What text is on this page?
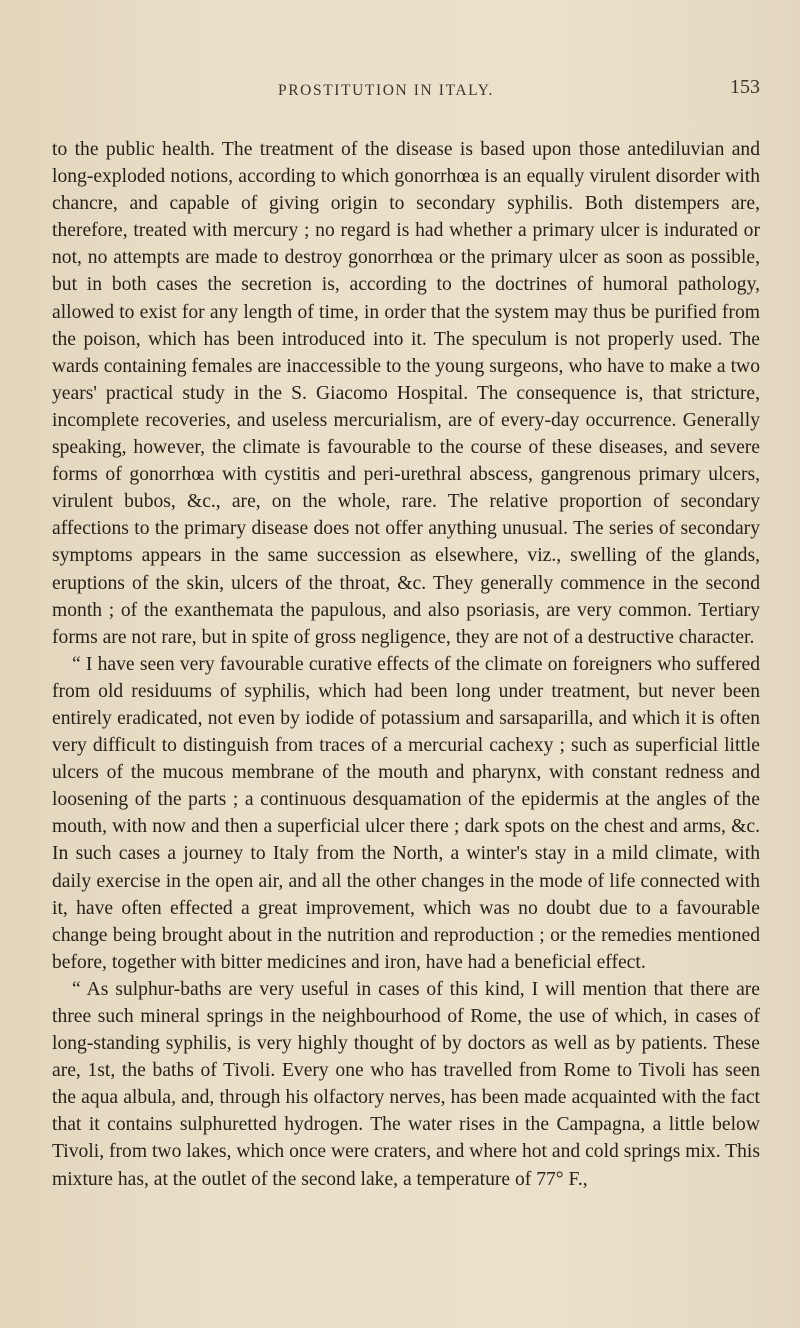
PROSTITUTION IN ITALY.	153

to the public health. The treatment of the disease is based upon those antediluvian and long-exploded notions, according to which gonorrhœa is an equally virulent disorder with chancre, and capable of giving origin to secondary syphilis. Both distempers are, therefore, treated with mercury ; no regard is had whether a primary ulcer is indurated or not, no attempts are made to destroy gonorrhœa or the primary ulcer as soon as possible, but in both cases the secretion is, according to the doctrines of humoral pathology, allowed to exist for any length of time, in order that the system may thus be purified from the poison, which has been introduced into it. The speculum is not properly used. The wards containing females are inaccessible to the young surgeons, who have to make a two years' practical study in the S. Giacomo Hospital. The consequence is, that stricture, incomplete recoveries, and useless mercurialism, are of every-day occurrence. Generally speaking, however, the climate is favourable to the course of these diseases, and severe forms of gonorrhœa with cystitis and peri-urethral abscess, gangrenous primary ulcers, virulent bubos, &c., are, on the whole, rare. The relative proportion of secondary affections to the primary disease does not offer anything unusual. The series of secondary symptoms appears in the same succession as elsewhere, viz., swelling of the glands, eruptions of the skin, ulcers of the throat, &c. They generally commence in the second month ; of the exanthemata the papulous, and also psoriasis, are very common. Tertiary forms are not rare, but in spite of gross negligence, they are not of a destructive character.

“ I have seen very favourable curative effects of the climate on foreigners who suffered from old residuums of syphilis, which had been long under treatment, but never been entirely eradicated, not even by iodide of potassium and sarsaparilla, and which it is often very difficult to distinguish from traces of a mercurial cachexy ; such as superficial little ulcers of the mucous membrane of the mouth and pharynx, with constant redness and loosening of the parts ; a continuous desquamation of the epidermis at the angles of the mouth, with now and then a superficial ulcer there ; dark spots on the chest and arms, &c. In such cases a journey to Italy from the North, a winter's stay in a mild climate, with daily exercise in the open air, and all the other changes in the mode of life connected with it, have often effected a great improvement, which was no doubt due to a favourable change being brought about in the nutrition and reproduction ; or the remedies mentioned before, together with bitter medicines and iron, have had a beneficial effect.

“ As sulphur-baths are very useful in cases of this kind, I will mention that there are three such mineral springs in the neighbourhood of Rome, the use of which, in cases of long-standing syphilis, is very highly thought of by doctors as well as by patients. These are, 1st, the baths of Tivoli. Every one who has travelled from Rome to Tivoli has seen the aqua albula, and, through his olfactory nerves, has been made acquainted with the fact that it contains sulphuretted hydrogen. The water rises in the Campagna, a little below Tivoli, from two lakes, which once were craters, and where hot and cold springs mix. This mixture has, at the outlet of the second lake, a temperature of 77° F.,
